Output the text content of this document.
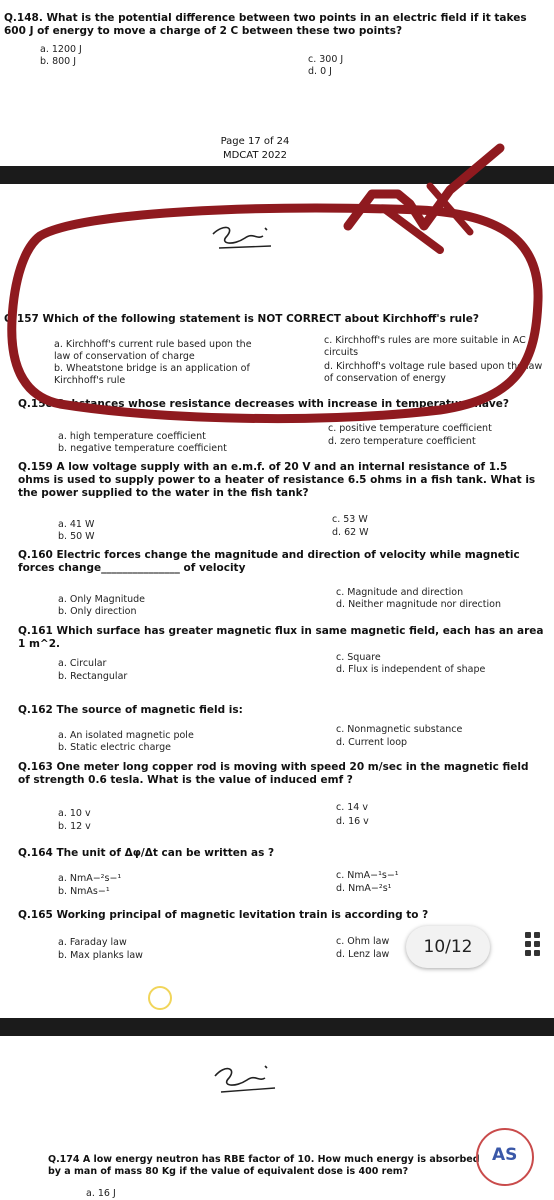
Q.148. What is the potential difference between two points in an electric field if it takes 600 J of energy to move a charge of 2 C between these two points?
a. 1200 J
b. 800 J	c. 300 J
d. 0 J
Page 17 of 24
MDCAT 2022
Q.157 Which of the following statement is NOT CORRECT about Kirchhoff's rule?
a. Kirchhoff's current rule based upon the law of conservation of charge
b. Wheatstone bridge is an application of Kirchhoff's rule
c. Kirchhoff's rules are more suitable in AC circuits
d. Kirchhoff's voltage rule based upon the law of conservation of energy
Q.158 Substances whose resistance decreases with increase in temperature have?
a. high temperature coefficient
b. negative temperature coefficient
c. positive temperature coefficient
d. zero temperature coefficient
Q.159 A low voltage supply with an e.m.f. of 20 V and an internal resistance of 1.5 ohms is used to supply power to a heater of resistance 6.5 ohms in a fish tank. What is the power supplied to the water in the fish tank?
a. 41 W
b. 50 W
c. 53 W
d. 62 W
Q.160 Electric forces change the magnitude and direction of velocity while magnetic forces change_______________ of velocity
a. Only Magnitude
b. Only direction
c. Magnitude and direction
d. Neither magnitude nor direction
Q.161 Which surface has greater magnetic flux in same magnetic field, each has an area 1 m^2.
a. Circular
b. Rectangular
c. Square
d. Flux is independent of shape
Q.162 The source of magnetic field is:
a. An isolated magnetic pole
b. Static electric charge
c. Nonmagnetic substance
d. Current loop
Q.163 One meter long copper rod is moving with speed 20 m/sec in the magnetic field of strength 0.6 tesla. What is the value of induced emf ?
a. 10 v
b. 12 v
c. 14 v
d. 16 v
Q.164 The unit of Δφ/Δt can be written as ?
a. NmA−²s−¹
b. NmAs−¹
c. NmA−¹s−¹
d. NmA−²s¹
Q.165 Working principal of magnetic levitation train is according to ?
a. Faraday law
b. Max planks law
c. Ohm law
d. Lenz law 10/12
Q.174 A low energy neutron has RBE factor of 10. How much energy is absorbed by a man of mass 80 Kg if the value of equivalent dose is 400 rem?
a. 16 J
AS
